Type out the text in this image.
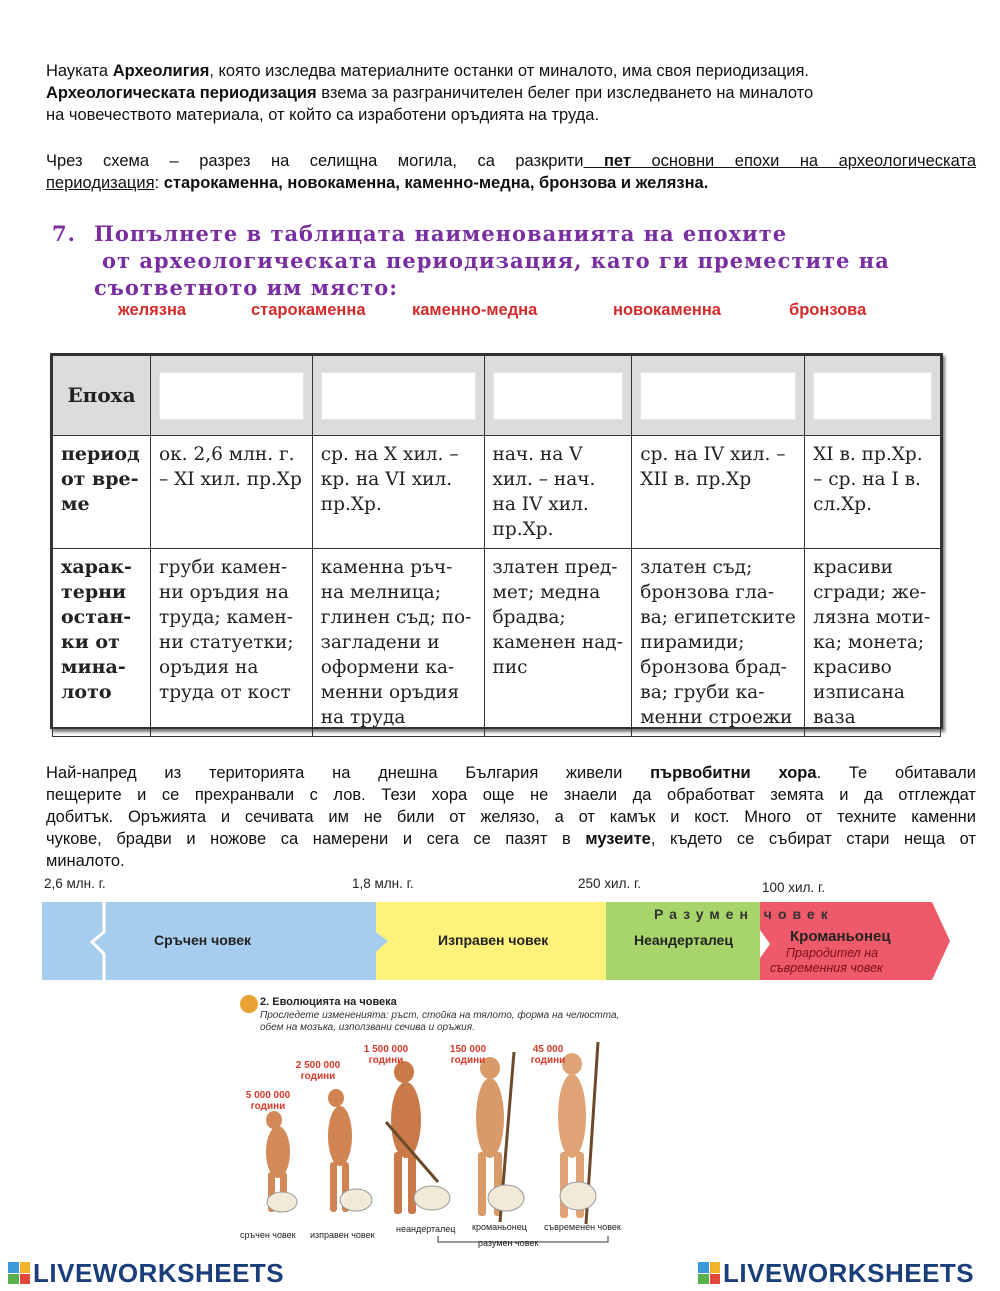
Науката Археолигия, която изследва материалните останки от миналото, има своя периодизация.
Археологическата периодизация взема за разграничителен белег при изследването на миналото
на човечеството материала, от който са изработени оръдията на труда.
Чрез схема – разрез на селищна могила, са разкрити пет основни епохи на археологическата
периодизация: старокаменна, новокаменна, каменно-медна, бронзова и желязна.
7. Попълнете в таблицата наименованията на епохите
от археологическата периодизация, като ги преместите на
съответното им място:
желязна	старокаменна	каменно-медна	новокаменна	бронзова
Епоха	

период от вре-ме	ок. 2,6 млн. г. – XI хил. пр.Хр	ср. на X хил. – кр. на VI хил. пр.Хр.	нач. на V хил. – нач. на IV хил. пр.Хр.	ср. на IV хил. – XII в. пр.Хр	XI в. пр.Хр. – ср. на I в. сл.Хр.
харак-терни остан-ки от мина-лото	груби камен-ни оръдия на труда; камен-ни статуетки; оръдия на труда от кост	каменна ръч-на мелница; глинен съд; по-загладени и оформени ка-менни оръдия на труда	златен пред-мет; медна брадва; каменен над-пис	златен съд; бронзова гла-ва; египетските пирамиди; бронзова брад-ва; груби ка-менни строежи	красиви сгради; же-лязна моти-ка; монета; красиво изписана ваза
Най-напред из територията на днешна България живели първобитни хора. Те обитавали
пещерите и се прехранвали с лов. Тези хора още не знаели да обработват земята и да отглеждат
добитък. Оръжията и сечивата им не били от желязо, а от камък и кост. Много от техните каменни
чукове, брадви и ножове са намерени и сега се пазят в музеите, където се събират стари неща от
миналото.
2,6 млн. г.	1,8 млн. г.	250 хил. г.	100 хил. г.
Разумен човек
Сръчен човек	Изправен човек	Неандерталец	Кроманьонец
Прародител на
съвременния човек
2. Еволюцията на човека
Проследете измененията: ръст, стойка на тялото, форма на челюстта, обем на мозъка, използвани сечива и оръжия.
5 000 000 години
2 500 000 години
1 500 000 години
150 000 години
45 000 години
сръчен човек изправен човек
неандерталец кроманьонец съвременен човек
разумен човек
LIVEWORKSHEETS	LIVEWORKSHEETS
